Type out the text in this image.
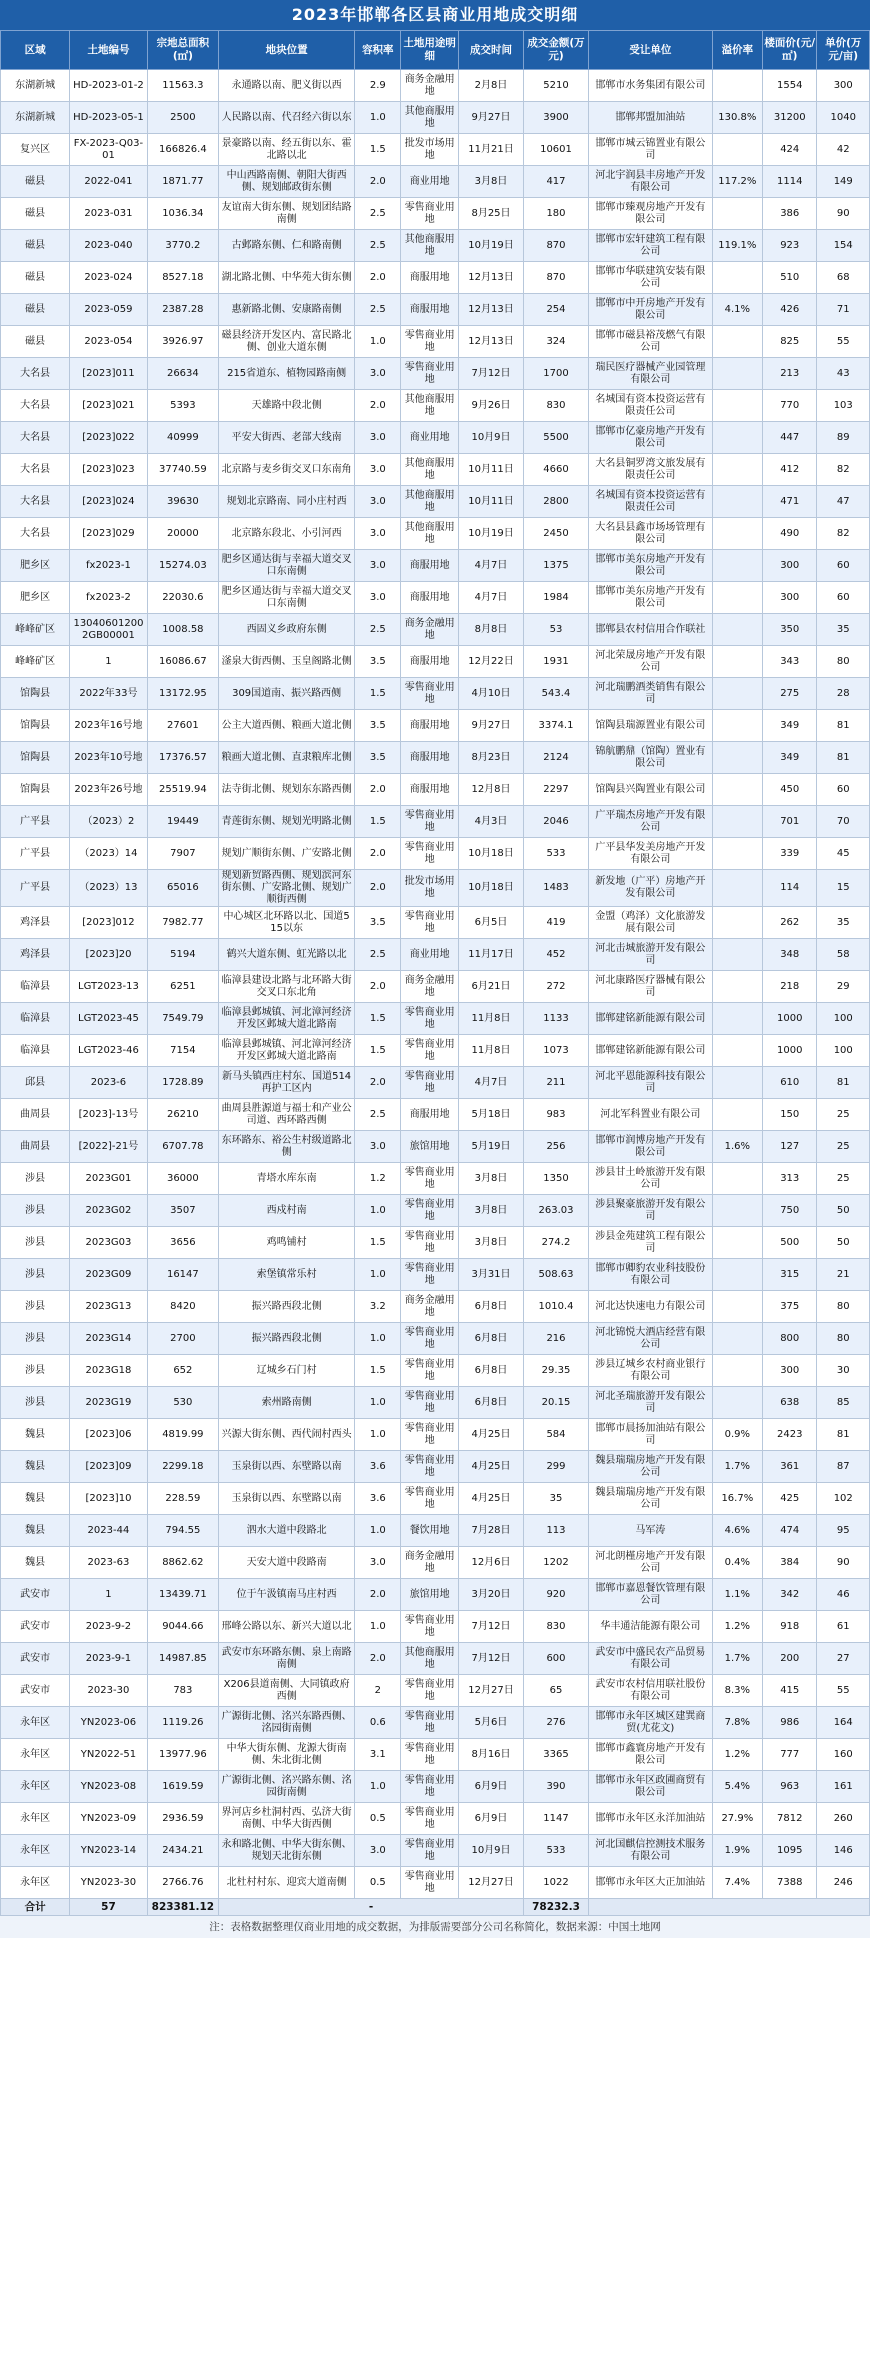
2023年邯郸各区县商业用地成交明细
区域	土地编号	宗地总面积(㎡)	地块位置	容积率	土地用途明细	成交时间	成交金额(万元)	受让单位	溢价率	楼面价(元/㎡)	单价(万元/亩)
东湖新城	HD-2023-01-2	11563.3	永通路以南、肥义街以西	2.9	商务金融用地	2月8日	5210	邯郸市水务集团有限公司		1554	300
东湖新城	HD-2023-05-1	2500	人民路以南、代召经六街以东	1.0	其他商服用地	9月27日	3900	邯郸邦盟加油站	130.8%	31200	1040
复兴区	FX-2023-Q03-01	166826.4	景豪路以南、经五街以东、霍北路以北	1.5	批发市场用地	11月21日	10601	邯郸市城云锦置业有限公司		424	42
磁县	2022-041	1871.77	中山西路南侧、朝阳大街西侧、规划邮政街东侧	2.0	商业用地	3月8日	417	河北宇润县丰房地产开发有限公司	117.2%	1114	149
磁县	2023-031	1036.34	友谊南大街东侧、规划团结路南侧	2.5	零售商业用地	8月25日	180	邯郸市臻观房地产开发有限公司		386	90
磁县	2023-040	3770.2	古邺路东侧、仁和路南侧	2.5	其他商服用地	10月19日	870	邯郸市宏轩建筑工程有限公司	119.1%	923	154
磁县	2023-024	8527.18	湖北路北侧、中华苑大街东侧	2.0	商服用地	12月13日	870	邯郸市华联建筑安装有限公司		510	68
磁县	2023-059	2387.28	惠新路北侧、安康路南侧	2.5	商服用地	12月13日	254	邯郸市中开房地产开发有限公司	4.1%	426	71
磁县	2023-054	3926.97	磁县经济开发区内、富民路北侧、创业大道东侧	1.0	零售商业用地	12月13日	324	邯郸市磁县裕茂燃气有限公司		825	55
大名县	[2023]011	26634	215省道东、植物园路南侧	3.0	零售商业用地	7月12日	1700	瑞民医疗器械产业园管理有限公司		213	43
大名县	[2023]021	5393	天雄路中段北侧	2.0	其他商服用地	9月26日	830	名城国有资本投资运营有限责任公司		770	103
大名县	[2023]022	40999	平安大街西、老部大线南	3.0	商业用地	10月9日	5500	邯郸市亿豪房地产开发有限公司		447	89
大名县	[2023]023	37740.59	北京路与麦乡街交叉口东南角	3.0	其他商服用地	10月11日	4660	大名县铜罗湾文旅发展有限责任公司		412	82
大名县	[2023]024	39630	规划北京路南、同小庄村西	3.0	其他商服用地	10月11日	2800	名城国有资本投资运营有限责任公司		471	47
大名县	[2023]029	20000	北京路东段北、小引河西	3.0	其他商服用地	10月19日	2450	大名县县鑫市场场管理有限公司		490	82
肥乡区	fx2023-1	15274.03	肥乡区通达街与幸福大道交叉口东南侧	3.0	商服用地	4月7日	1375	邯郸市美东房地产开发有限公司		300	60
肥乡区	fx2023-2	22030.6	肥乡区通达街与幸福大道交叉口东南侧	3.0	商服用地	4月7日	1984	邯郸市美东房地产开发有限公司		300	60
峰峰矿区	130406012002GB00001	1008.58	西固义乡政府东侧	2.5	商务金融用地	8月8日	53	邯郸县农村信用合作联社		350	35
峰峰矿区	1	16086.67	滏泉大街西侧、玉皇阁路北侧	3.5	商服用地	12月22日	1931	河北荣晟房地产开发有限公司		343	80
馆陶县	2022年33号	13172.95	309国道南、振兴路西侧	1.5	零售商业用地	4月10日	543.4	河北瑞鹏酒类销售有限公司		275	28
馆陶县	2023年16号地	27601	公主大道西侧、粮画大道北侧	3.5	商服用地	9月27日	3374.1	馆陶县瑞源置业有限公司		349	81
馆陶县	2023年10号地	17376.57	粮画大道北侧、直隶粮库北侧	3.5	商服用地	8月23日	2124	锦航鹏鼎（馆陶）置业有限公司		349	81
馆陶县	2023年26号地	25519.94	法寺街北侧、规划东东路西侧	2.0	商服用地	12月8日	2297	馆陶县兴陶置业有限公司		450	60
广平县	（2023）2	19449	青莲街东侧、规划光明路北侧	1.5	零售商业用地	4月3日	2046	广平瑞杰房地产开发有限公司		701	70
广平县	（2023）14	7907	规划广顺街东侧、广安路北侧	2.0	零售商业用地	10月18日	533	广平县华发美房地产开发有限公司		339	45
广平县	（2023）13	65016	规划新贸路西侧、规划滨河东街东侧、广安路北侧、规划广顺街西侧	2.0	批发市场用地	10月18日	1483	新发地（广平）房地产开发有限公司		114	15
鸡泽县	[2023]012	7982.77	中心城区北环路以北、国道515以东	3.5	零售商业用地	6月5日	419	金盟（鸡泽）文化旅游发展有限公司		262	35
鸡泽县	[2023]20	5194	鹤兴大道东侧、虹光路以北	2.5	商业用地	11月17日	452	河北击城旅游开发有限公司		348	58
临漳县	LGT2023-13	6251	临漳县建设北路与北环路大街交叉口东北角	2.0	商务金融用地	6月21日	272	河北康路医疗器械有限公司		218	29
临漳县	LGT2023-45	7549.79	临漳县邺城镇、河北漳河经济开发区邺城大道北路南	1.5	零售商业用地	11月8日	1133	邯郸建铭新能源有限公司		1000	100
临漳县	LGT2023-46	7154	临漳县邺城镇、河北漳河经济开发区邺城大道北路南	1.5	零售商业用地	11月8日	1073	邯郸建铭新能源有限公司		1000	100
邱县	2023-6	1728.89	新马头镇西庄村东、国道514再护工区内	2.0	零售商业用地	4月7日	211	河北平恩能源科技有限公司		610	81
曲周县	[2023]-13号	26210	曲周县胜源道与福士和产业公司道、西环路西侧	2.5	商服用地	5月18日	983	河北军科置业有限公司		150	25
曲周县	[2022]-21号	6707.78	东环路东、裕公生村级道路北侧	3.0	旅馆用地	5月19日	256	邯郸市润博房地产开发有限公司	1.6%	127	25
涉县	2023G01	36000	青塔水库东南	1.2	零售商业用地	3月8日	1350	涉县甘土岭旅游开发有限公司		313	25
涉县	2023G02	3507	西戍村南	1.0	零售商业用地	3月8日	263.03	涉县聚豪旅游开发有限公司		750	50
涉县	2023G03	3656	鸡鸣铺村	1.5	零售商业用地	3月8日	274.2	涉县金苑建筑工程有限公司		500	50
涉县	2023G09	16147	索堡镇常乐村	1.0	零售商业用地	3月31日	508.63	邯郸市卿豹农业科技股份有限公司		315	21
涉县	2023G13	8420	振兴路西段北侧	3.2	商务金融用地	6月8日	1010.4	河北达快速电力有限公司		375	80
涉县	2023G14	2700	振兴路西段北侧	1.0	零售商业用地	6月8日	216	河北锦悦大酒店经营有限公司		800	80
涉县	2023G18	652	辽城乡石门村	1.5	零售商业用地	6月8日	29.35	涉县辽城乡农村商业银行有限公司		300	30
涉县	2023G19	530	索州路南侧	1.0	零售商业用地	6月8日	20.15	河北圣瑞旅游开发有限公司		638	85
魏县	[2023]06	4819.99	兴源大街东侧、西代闹村西头	1.0	零售商业用地	4月25日	584	邯郸市晨扬加油站有限公司	0.9%	2423	81
魏县	[2023]09	2299.18	玉泉街以西、东壁路以南	3.6	零售商业用地	4月25日	299	魏县瑞瑞房地产开发有限公司	1.7%	361	87
魏县	[2023]10	228.59	玉泉街以西、东壁路以南	3.6	零售商业用地	4月25日	35	魏县瑞瑞房地产开发有限公司	16.7%	425	102
魏县	2023-44	794.55	泗水大道中段路北	1.0	餐饮用地	7月28日	113	马军涛	4.6%	474	95
魏县	2023-63	8862.62	天安大道中段路南	3.0	商务金融用地	12月6日	1202	河北朗槿房地产开发有限公司	0.4%	384	90
武安市	1	13439.71	位于午汲镇南马庄村西	2.0	旅馆用地	3月20日	920	邯郸市嘉恩餐饮管理有限公司	1.1%	342	46
武安市	2023-9-2	9044.66	邢峰公路以东、新兴大道以北	1.0	零售商业用地	7月12日	830	华丰通洁能源有限公司	1.2%	918	61
武安市	2023-9-1	14987.85	武安市东环路东侧、泉上南路南侧	2.0	其他商服用地	7月12日	600	武安市中盛民农产品贸易有限公司	1.7%	200	27
武安市	2023-30	783	X206县道南侧、大同镇政府西侧	2	零售商业用地	12月27日	65	武安市农村信用联社股份有限公司	8.3%	415	55
永年区	YN2023-06	1119.26	广源街北侧、洺兴东路西侧、洺园街南侧	0.6	零售商业用地	5月6日	276	邯郸市永年区城区建巽商贸(尤花文)	7.8%	986	164
永年区	YN2022-51	13977.96	中华大街东侧、龙源大街南侧、朱北街北侧	3.1	零售商业用地	8月16日	3365	邯郸市鑫寰房地产开发有限公司	1.2%	777	160
永年区	YN2023-08	1619.59	广源街北侧、洺兴路东侧、洺园街南侧	1.0	零售商业用地	6月9日	390	邯郸市永年区政圃商贸有限公司	5.4%	963	161
永年区	YN2023-09	2936.59	界河店乡杜洞村西、弘济大街南侧、中华大街西侧	0.5	零售商业用地	6月9日	1147	邯郸市永年区永洋加油站	27.9%	7812	260
永年区	YN2023-14	2434.21	永和路北侧、中华大街东侧、规划天北街东侧	3.0	零售商业用地	10月9日	533	河北国麒信控测技术服务有限公司	1.9%	1095	146
永年区	YN2023-30	2766.76	北杜村村东、迎宾大道南侧	0.5	零售商业用地	12月27日	1022	邯郸市永年区大正加油站	7.4%	7388	246
合计	57	823381.12	-				78232.3				
注：表格数据整理仅商业用地的成交数据，为排版需要部分公司名称简化，数据来源：中国土地网
